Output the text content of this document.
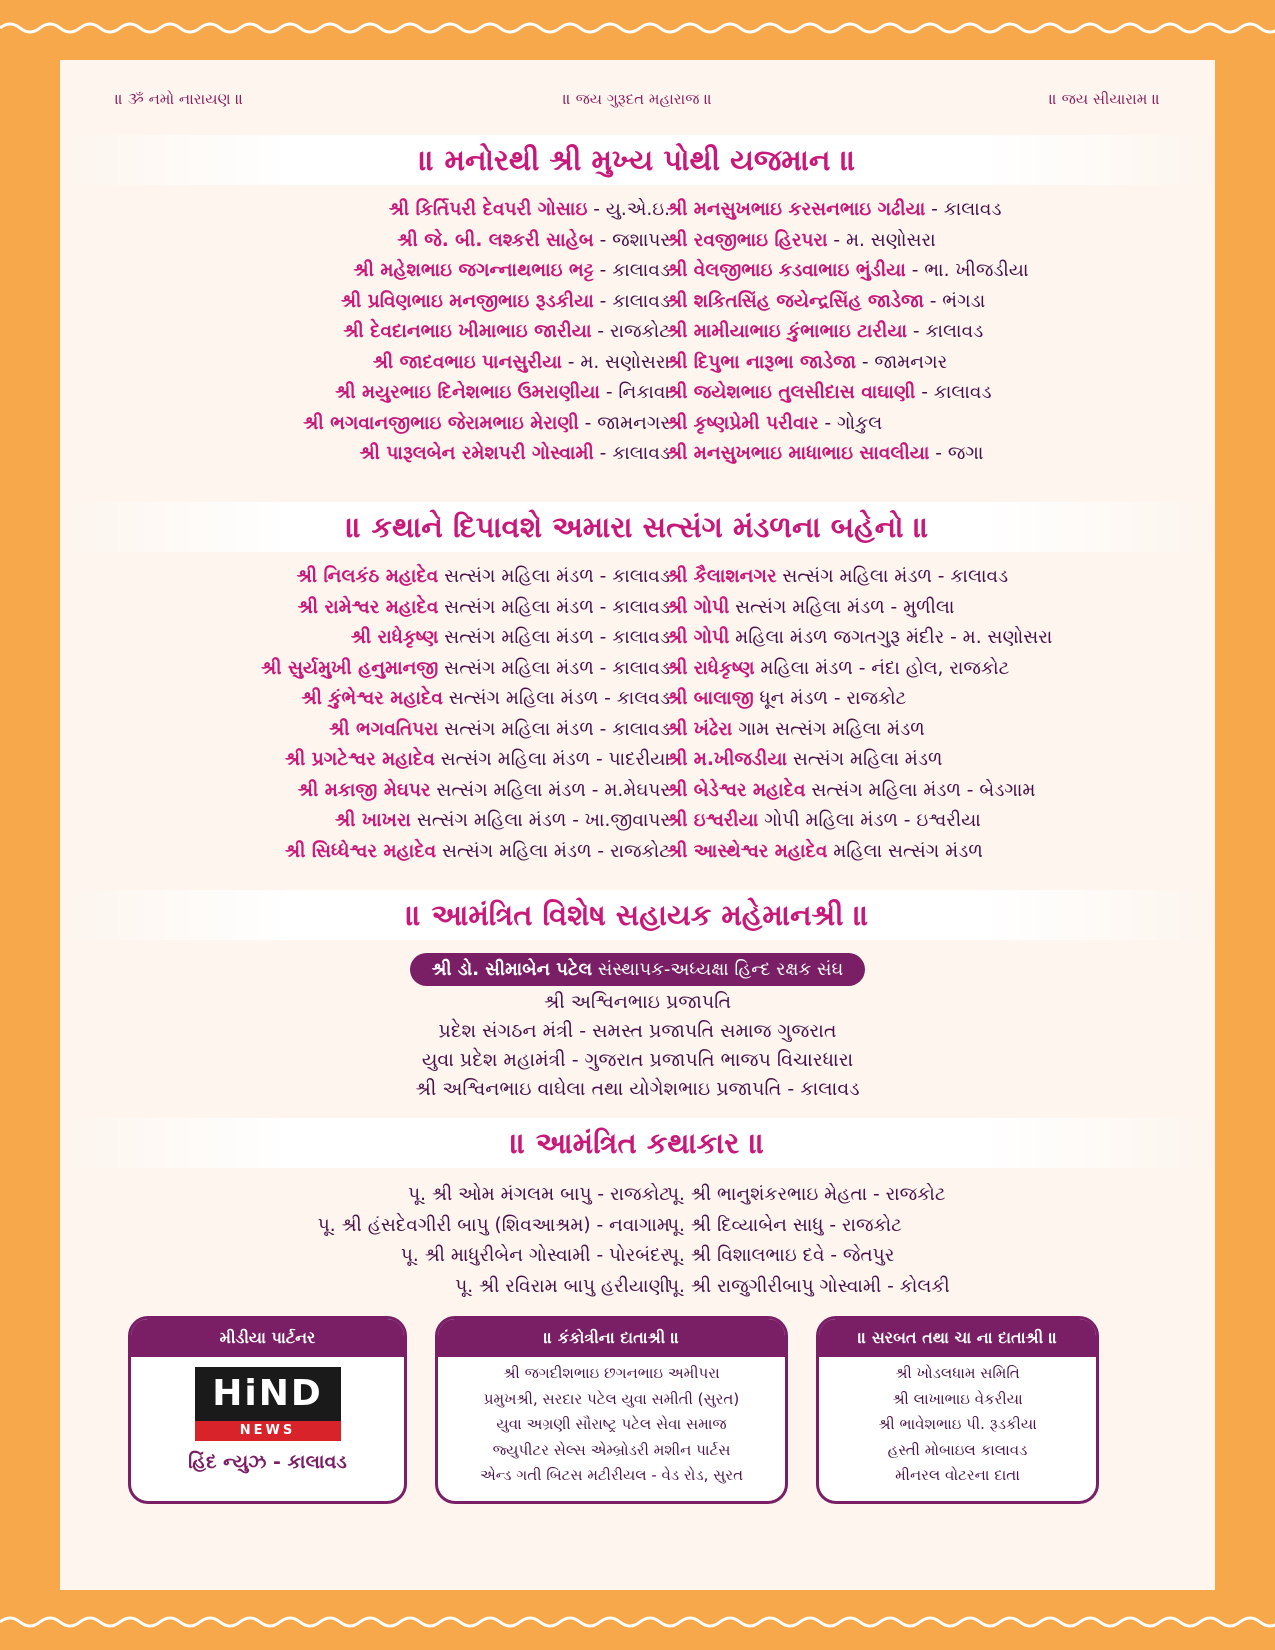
॥ ૐ નમો નારાયણ ॥	॥ જય ગુરૂદત મહારાજ ॥	॥ જય સીયારામ ॥
॥ મનોરથી શ્રી મુખ્ય પોથી યજમાન ॥
શ્રી કિર્તિપરી દેવપરી ગોસાઇ - યુ.એ.ઇ.
શ્રી જે. બી. લશ્કરી સાહેબ - જશાપર
શ્રી મહેશભાઇ જગન્નાથભાઇ ભટ્ટ - કાલાવડ
શ્રી પ્રવિણભાઇ મનજીભાઇ રૂડકીયા - કાલાવડ
શ્રી દેવદાનભાઇ ખીમાભાઇ જારીયા - રાજકોટ
શ્રી જાદવભાઇ પાનસુરીયા - મ. સણોસરા
શ્રી મયુરભાઇ દિનેશભાઇ ઉમરાણીયા - નિકાવા
શ્રી ભગવાનજીભાઇ જેરામભાઇ મેરાણી - જામનગર
શ્રી પારૂલબેન રમેશપરી ગોસ્વામી - કાલાવડ
શ્રી મનસુખભાઇ કરસનભાઇ ગઢીયા - કાલાવડ
શ્રી રવજીભાઇ હિરપરા - મ. સણોસરા
શ્રી વેલજીભાઇ કડવાભાઇ ભુંડીયા - ભા. ખીજડીયા
શ્રી શકિતસિંહ જયેન્દ્રસિંહ જાડેજા - ભંગડા
શ્રી મામીયાભાઇ કુંભાભાઇ ટારીયા - કાલાવડ
શ્રી દિપુભા નારૂભા જાડેજા - જામનગર
શ્રી જયેશભાઇ તુલસીદાસ વાઘાણી - કાલાવડ
શ્રી કૃષ્ણપ્રેમી પરીવાર - ગોકુલ
શ્રી મનસુખભાઇ માધાભાઇ સાવલીયા - જગા
॥ કથાને દિપાવશે અમારા સત્સંગ મંડળના બહેનો ॥
શ્રી નિલકંઠ મહાદેવ સત્સંગ મહિલા મંડળ - કાલાવડ
શ્રી રામેશ્વર મહાદેવ સત્સંગ મહિલા મંડળ - કાલાવડ
શ્રી રાધેકૃષ્ણ સત્સંગ મહિલા મંડળ - કાલાવડ
શ્રી સુર્યમુખી હનુમાનજી સત્સંગ મહિલા મંડળ - કાલાવડ
શ્રી કુંભેશ્વર મહાદેવ સત્સંગ મહિલા મંડળ - કાલવડ
શ્રી ભગવતિપરા સત્સંગ મહિલા મંડળ - કાલાવડ
શ્રી પ્રગટેશ્વર મહાદેવ સત્સંગ મહિલા મંડળ - પાદરીયા
શ્રી મકાજી મેઘપર સત્સંગ મહિલા મંડળ - મ.મેઘપર
શ્રી ખાખરા સત્સંગ મહિલા મંડળ - ખા.જીવાપર
શ્રી સિધ્ધેશ્વર મહાદેવ સત્સંગ મહિલા મંડળ - રાજકોટ
શ્રી કૈલાશનગર સત્સંગ મહિલા મંડળ - કાલાવડ
શ્રી ગોપી સત્સંગ મહિલા મંડળ - મુળીલા
શ્રી ગોપી મહિલા મંડળ જગતગુરૂ મંદીર - મ. સણોસરા
શ્રી રાધેકૃષ્ણ મહિલા મંડળ - નંદા હોલ, રાજકોટ
શ્રી બાલાજી ધૂન મંડળ - રાજકોટ
શ્રી ખંઢેરા ગામ સત્સંગ મહિલા મંડળ
શ્રી મ.ખીજડીયા સત્સંગ મહિલા મંડળ
શ્રી બેડેશ્વર મહાદેવ સત્સંગ મહિલા મંડળ - બેડગામ
શ્રી ઇશ્વરીયા ગોપી મહિલા મંડળ - ઇશ્વરીયા
શ્રી આસ્થેશ્વર મહાદેવ મહિલા સત્સંગ મંડળ
॥ આમંત્રિત વિશેષ સહાયક મહેમાનશ્રી ॥
શ્રી ડો. સીમાબેન પટેલ સંસ્થાપક-અધ્યક્ષા હિન્દ રક્ષક સંઘ
શ્રી અશ્વિનભાઇ પ્રજાપતિ
પ્રદેશ સંગઠન મંત્રી - સમસ્ત પ્રજાપતિ સમાજ ગુજરાત
યુવા પ્રદેશ મહામંત્રી - ગુજરાત પ્રજાપતિ ભાજપ વિચારધારા
શ્રી અશ્વિનભાઇ વાઘેલા તથા યોગેશભાઇ પ્રજાપતિ - કાલાવડ
॥ આમંત્રિત કથાકાર ॥
પૂ. શ્રી ઓમ મંગલમ બાપુ - રાજકોટ
પૂ. શ્રી હંસદેવગીરી બાપુ (શિવઆશ્રમ) - નવાગામ
પૂ. શ્રી માધુરીબેન ગોસ્વામી - પોરબંદર
પૂ. શ્રી રવિરામ બાપુ હરીયાણી
પૂ. શ્રી ભાનુશંકરભાઇ મેહતા - રાજકોટ
પૂ. શ્રી દિવ્યાબેન સાધુ - રાજકોટ
પૂ. શ્રી વિશાલભાઇ દવે - જેતપુર
પૂ. શ્રી રાજુગીરીબાપુ ગોસ્વામી - કોલકી
મીડીયા પાર્ટનર
HiND
NEWS
હિંદ ન્યુઝ - કાલાવડ
॥ કંકોત્રીના દાતાશ્રી ॥
શ્રી જગદીશભાઇ છગનભાઇ અમીપરા
પ્રમુખશ્રી, સરદાર પટેલ યુવા સમીતી (સુરત)
યુવા અગ્રણી સૌરાષ્ટ્ર પટેલ સેવા સમાજ
જ્યુપીટર સેલ્સ એમ્બ્રોડરી મશીન પાર્ટસ
એન્ડ ગતી બિટસ મટીરીયલ - વેડ રોડ, સુરત
॥ સરબત તથા ચા ના દાતાશ્રી ॥
શ્રી ખોડલધામ સમિતિ
શ્રી લાખાભાઇ વેકરીયા
શ્રી ભાવેશભાઇ પી. રૂડકીયા
હસ્તી મોબાઇલ કાલાવડ
મીનરલ વોટરના દાતા
